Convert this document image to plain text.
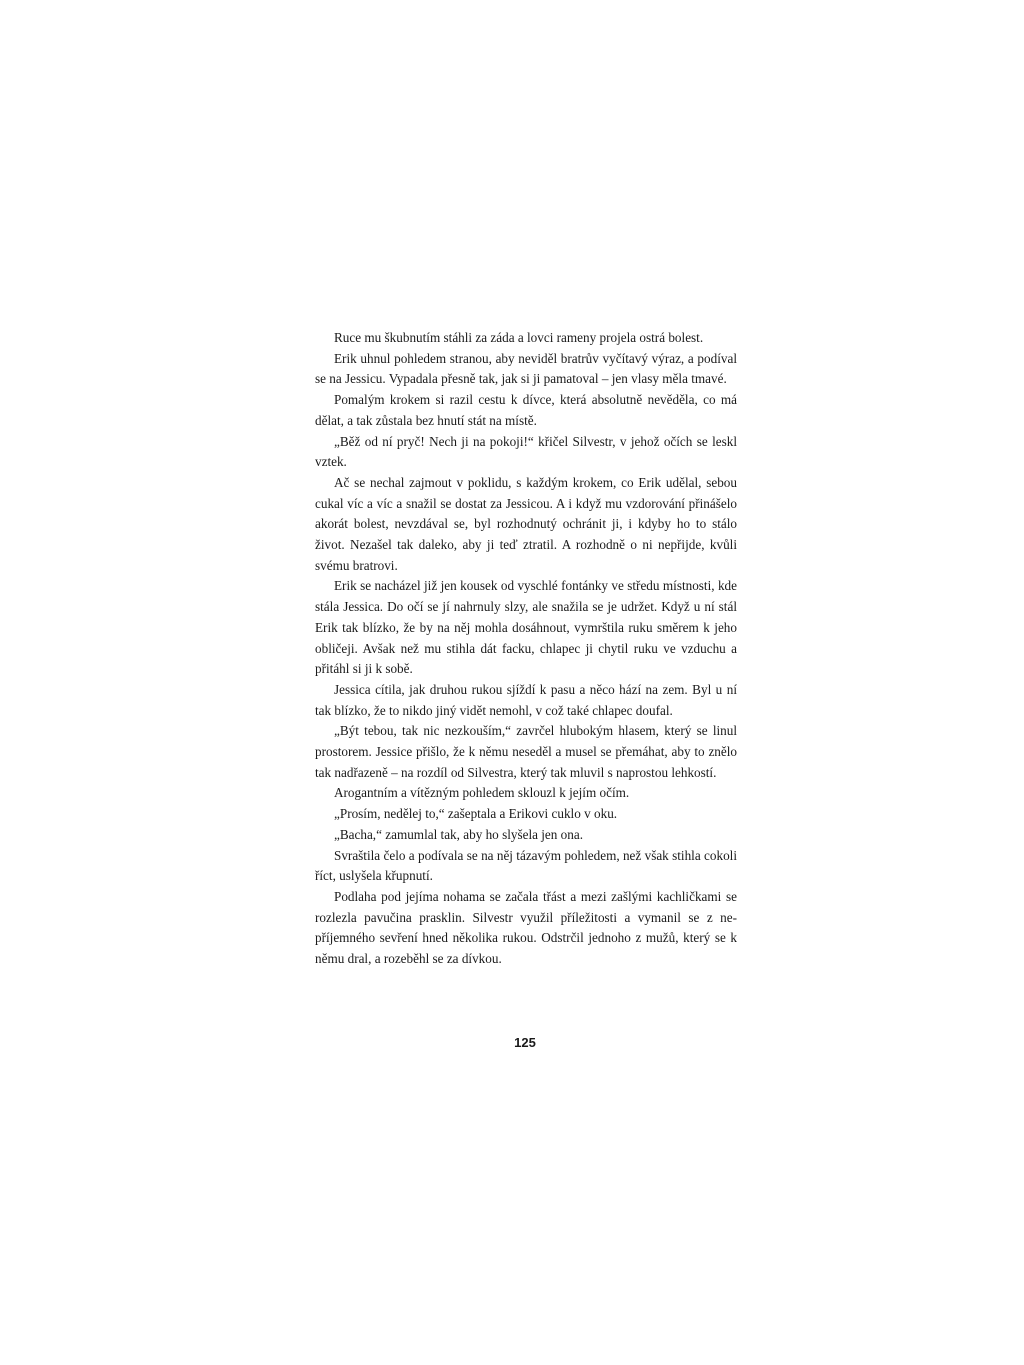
Ruce mu škubnutím stáhli za záda a lovci rameny projela ostrá bolest.

Erik uhnul pohledem stranou, aby neviděl bratrův vyčítavý výraz, a podíval se na Jessicu. Vypadala přesně tak, jak si ji pamatoval – jen vlasy měla tmavé.

Pomalým krokem si razil cestu k dívce, která absolutně nevěděla, co má dělat, a tak zůstala bez hnutí stát na místě.

„Běž od ní pryč! Nech ji na pokoji!“ křičel Silvestr, v jehož očích se leskl vztek.

Ač se nechal zajmout v poklidu, s každým krokem, co Erik udělal, sebou cukal víc a víc a snažil se dostat za Jessicou. A i když mu vzdorování přinášelo akorát bolest, nevzdával se, byl rozhodnutý ochránit ji, i kdyby ho to stálo život. Nezašel tak daleko, aby ji teď ztratil. A rozhodně o ni nepřijde, kvůli svému bratrovi.

Erik se nacházel již jen kousek od vyschlé fontánky ve středu místnosti, kde stála Jessica. Do očí se jí nahrnuly slzy, ale snažila se je udržet. Když u ní stál Erik tak blízko, že by na něj mohla dosáhnout, vymrštila ruku směrem k jeho obličeji. Avšak než mu stihla dát facku, chlapec ji chytil ruku ve vzduchu a přitáhl si ji k sobě.

Jessica cítila, jak druhou rukou sjíždí k pasu a něco hází na zem. Byl u ní tak blízko, že to nikdo jiný vidět nemohl, v což také chlapec doufal.

„Být tebou, tak nic nezkouším,“ zavrčel hlubokým hlasem, který se linul prostorem. Jessice přišlo, že k němu neseděl a musel se přemáhat, aby to znělo tak nadřazeně – na rozdíl od Silvestra, který tak mluvil s naprostou lehkostí.

Arogantním a vítězným pohledem sklouzl k jejím očím.

„Prosím, nedělej to,“ zašeptala a Erikovi cuklo v oku.

„Bacha,“ zamumlal tak, aby ho slyšela jen ona.

Svraštila čelo a podívala se na něj tázavým pohledem, než však stihla cokoli říct, uslyšela křupnutí.

Podlaha pod jejíma nohama se začala třást a mezi zašlými kachličkami se rozlezla pavučina prasklin. Silvestr využil příležitosti a vymanil se z nepříjemného sevření hned několika rukou. Odstrčil jednoho z mužů, který se k němu dral, a rozeběhl se za dívkou.

125
